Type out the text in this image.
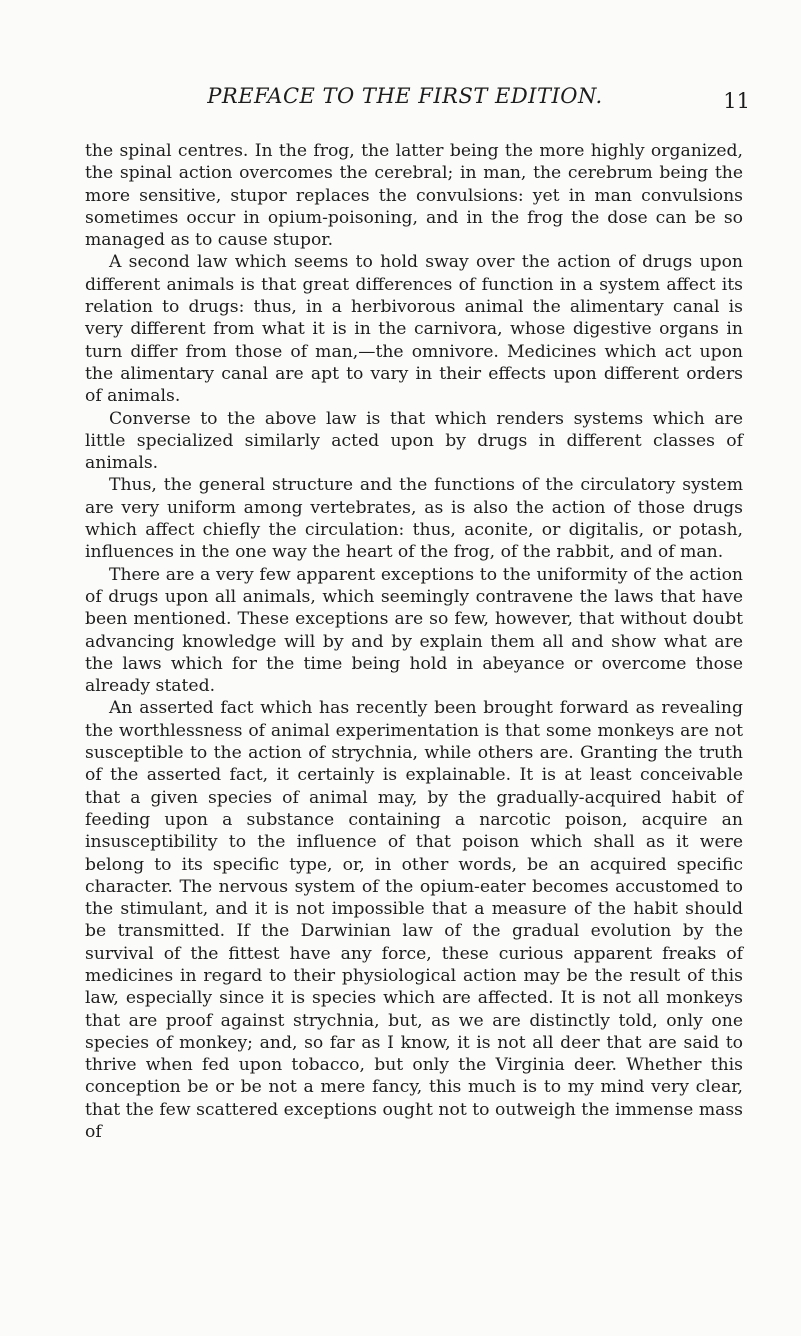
PREFACE TO THE FIRST EDITION.	11

the spinal centres. In the frog, the latter being the more highly organized, the spinal action overcomes the cerebral; in man, the cerebrum being the more sensitive, stupor replaces the convulsions: yet in man convulsions sometimes occur in opium-poisoning, and in the frog the dose can be so managed as to cause stupor.

A second law which seems to hold sway over the action of drugs upon different animals is that great differences of function in a system affect its relation to drugs: thus, in a herbivorous animal the alimentary canal is very different from what it is in the carnivora, whose digestive organs in turn differ from those of man,—the omnivore. Medicines which act upon the alimentary canal are apt to vary in their effects upon different orders of animals.

Converse to the above law is that which renders systems which are little specialized similarly acted upon by drugs in different classes of animals.

Thus, the general structure and the functions of the circulatory system are very uniform among vertebrates, as is also the action of those drugs which affect chiefly the circulation: thus, aconite, or digitalis, or potash, influences in the one way the heart of the frog, of the rabbit, and of man.

There are a very few apparent exceptions to the uniformity of the action of drugs upon all animals, which seemingly contravene the laws that have been mentioned. These exceptions are so few, however, that without doubt advancing knowledge will by and by explain them all and show what are the laws which for the time being hold in abeyance or overcome those already stated.

An asserted fact which has recently been brought forward as revealing the worthlessness of animal experimentation is that some monkeys are not susceptible to the action of strychnia, while others are. Granting the truth of the asserted fact, it certainly is explainable. It is at least conceivable that a given species of animal may, by the gradually-acquired habit of feeding upon a substance containing a narcotic poison, acquire an insusceptibility to the influence of that poison which shall as it were belong to its specific type, or, in other words, be an acquired specific character. The nervous system of the opium-eater becomes accustomed to the stimulant, and it is not impossible that a measure of the habit should be transmitted. If the Darwinian law of the gradual evolution by the survival of the fittest have any force, these curious apparent freaks of medicines in regard to their physiological action may be the result of this law, especially since it is species which are affected. It is not all monkeys that are proof against strychnia, but, as we are distinctly told, only one species of monkey; and, so far as I know, it is not all deer that are said to thrive when fed upon tobacco, but only the Virginia deer. Whether this conception be or be not a mere fancy, this much is to my mind very clear, that the few scattered exceptions ought not to outweigh the immense mass of
